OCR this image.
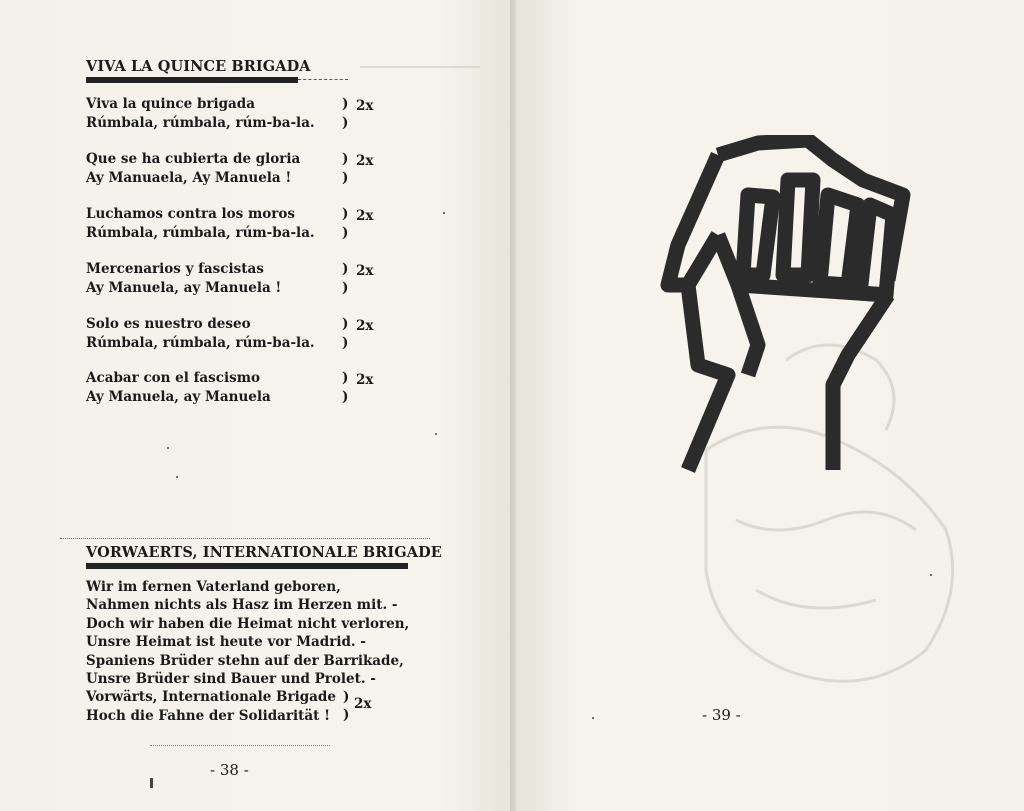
VIVA LA QUINCE BRIGADA
Viva la quince brigada
Rúmbala, rúmbala, rúm-ba-la.
)
)
2x
Que se ha cubierta de gloria
Ay Manuaela, Ay Manuela !
)
)
2x
Luchamos contra los moros
Rúmbala, rúmbala, rúm-ba-la.
)
)
2x
Mercenarios y fascistas
Ay Manuela, ay Manuela !
)
)
2x
Solo es nuestro deseo
Rúmbala, rúmbala, rúm-ba-la.
)
)
2x
Acabar con el fascismo
Ay Manuela, ay Manuela
)
)
2x
VORWAERTS, INTERNATIONALE BRIGADE
Wir im fernen Vaterland geboren,
Nahmen nichts als Hasz im Herzen mit. -
Doch wir haben die Heimat nicht verloren,
Unsre Heimat ist heute vor Madrid. -
Spaniens Brüder stehn auf der Barrikade,
Unsre Brüder sind Bauer und Prolet. -
Vorwärts, Internationale Brigade
Hoch die Fahne der Solidarität !
)
)
2x
- 38 -
- 39 -
